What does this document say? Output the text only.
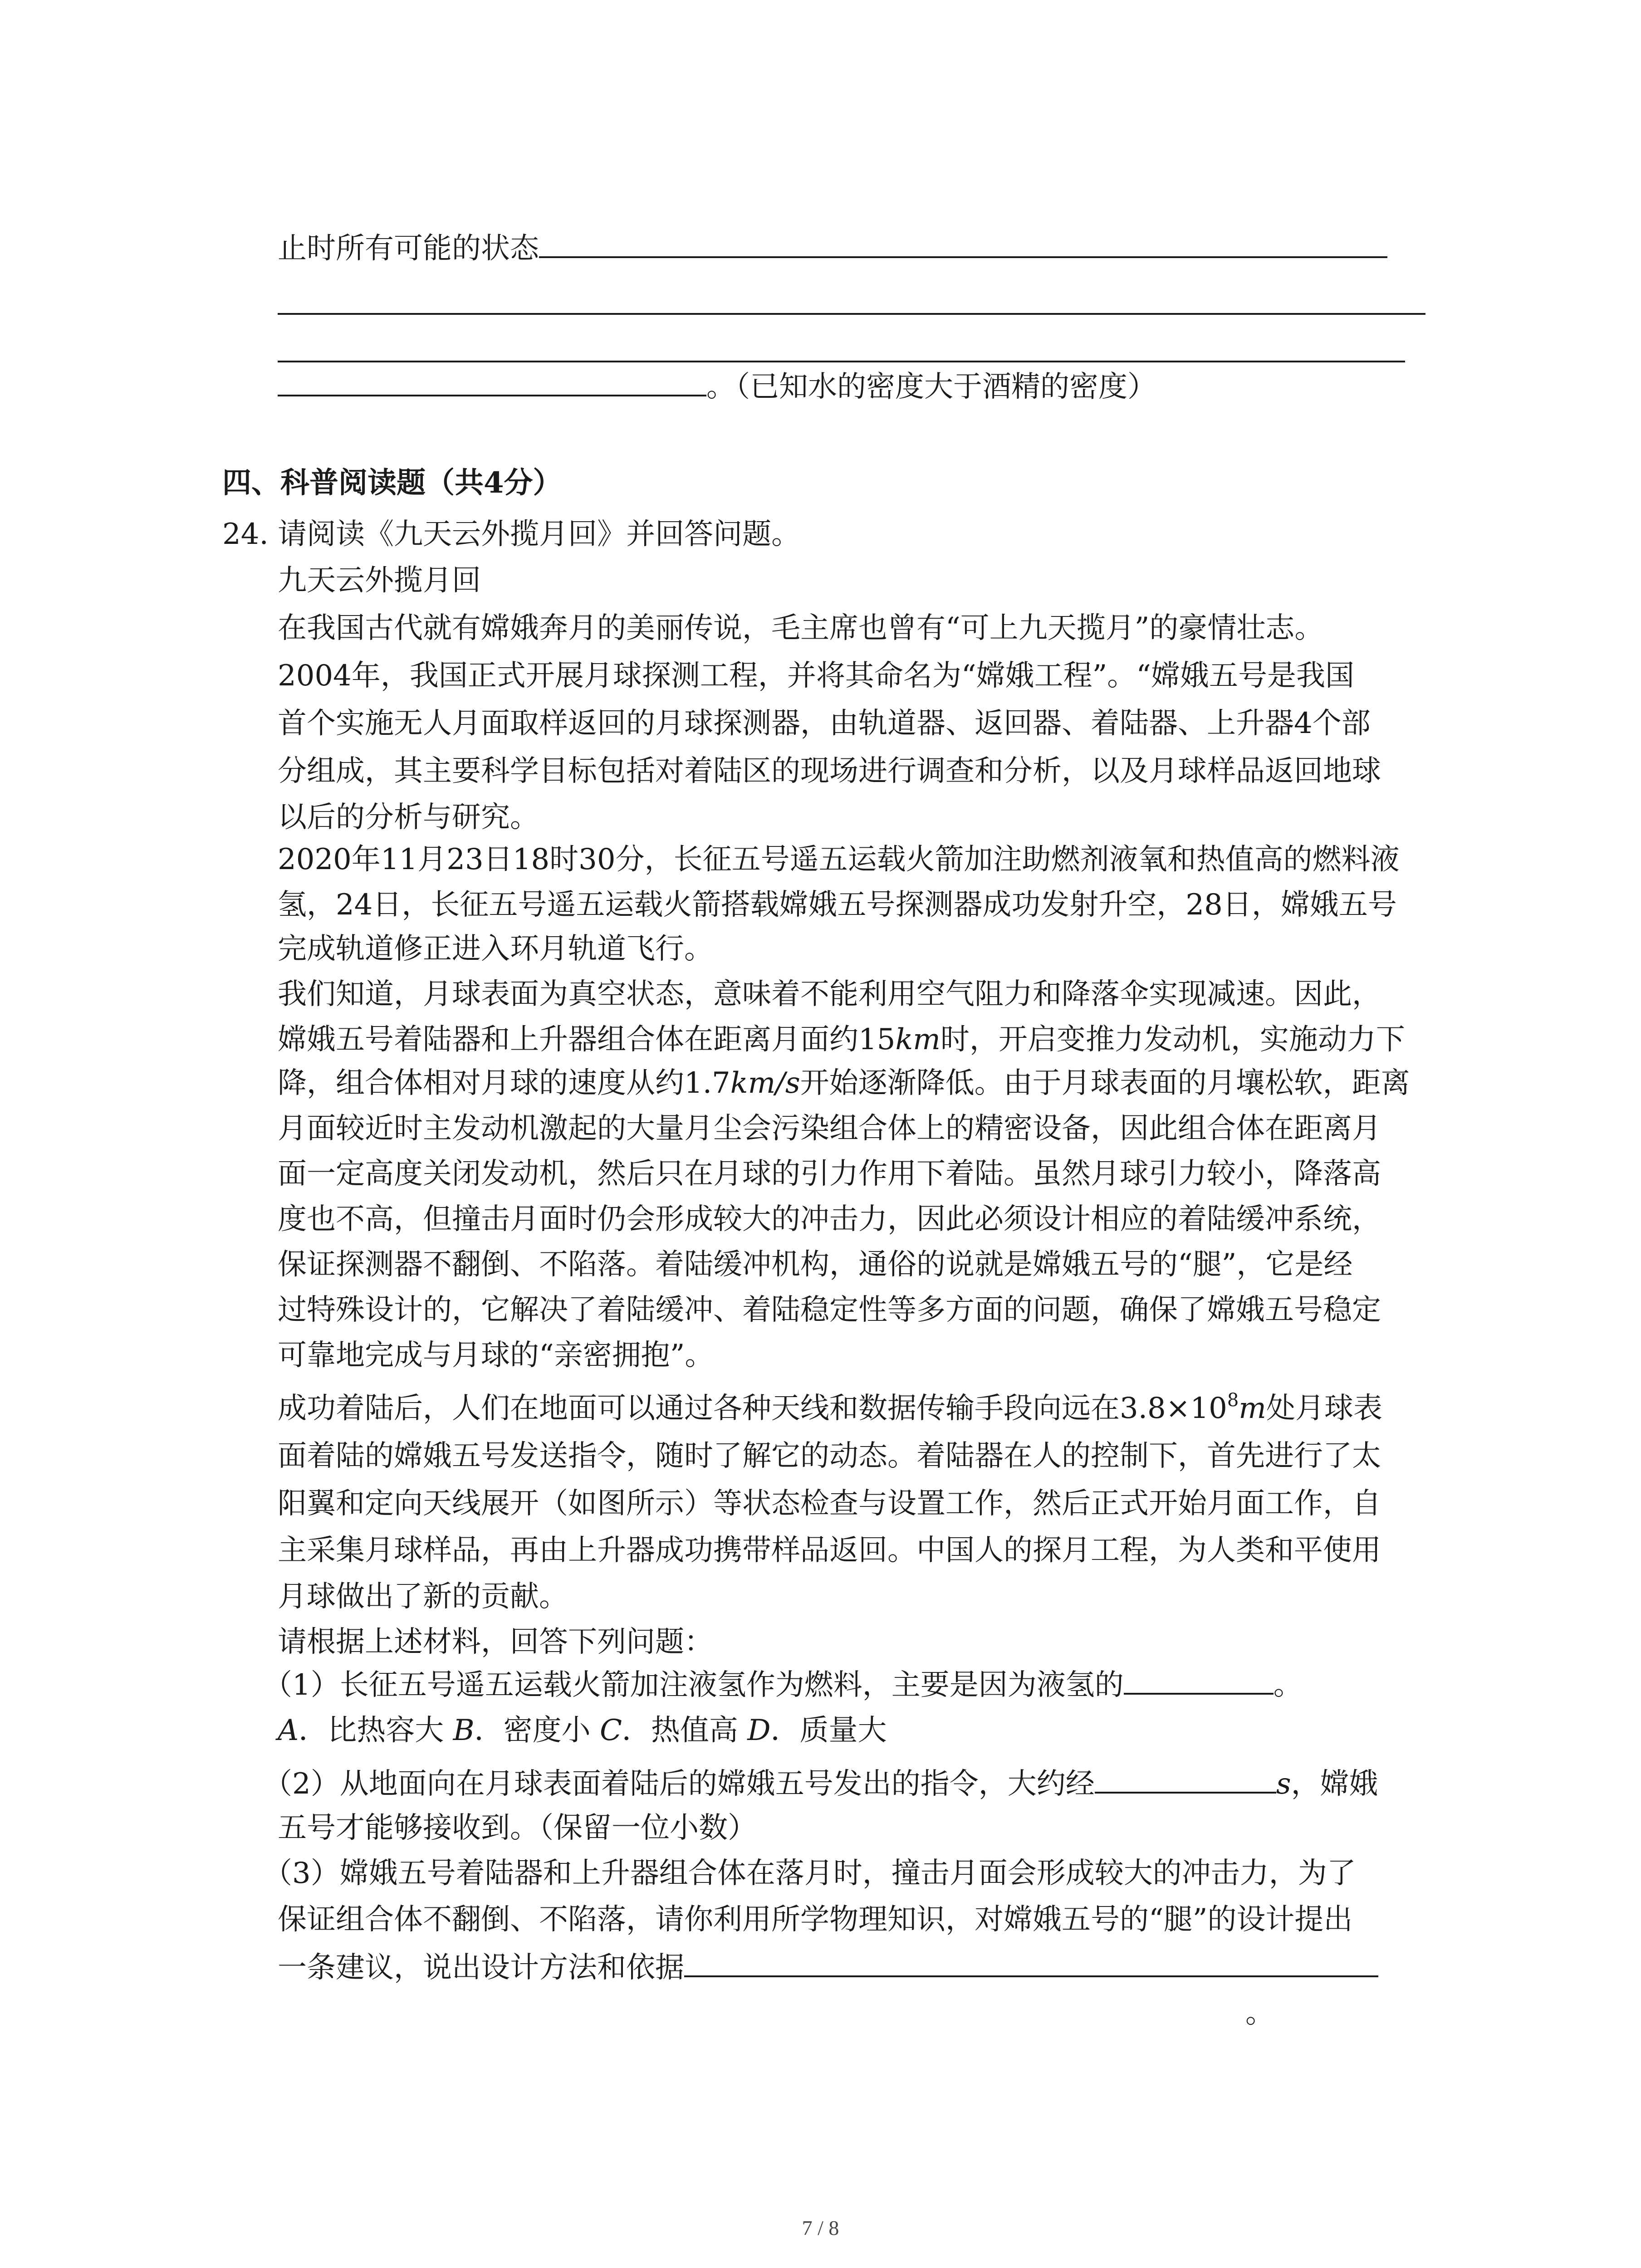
止时所有可能的状态
。（已知水的密度大于酒精的密度）
四、科普阅读题（共4分）
24. 请阅读《九天云外揽月回》并回答问题。
九天云外揽月回
在我国古代就有嫦娥奔月的美丽传说，毛主席也曾有“可上九天揽月”的豪情壮志。
2004年，我国正式开展月球探测工程，并将其命名为“嫦娥工程”。“嫦娥五号是我国
首个实施无人月面取样返回的月球探测器，由轨道器、返回器、着陆器、上升器4个部
分组成，其主要科学目标包括对着陆区的现场进行调查和分析，以及月球样品返回地球
以后的分析与研究。
2020年11月23日18时30分，长征五号遥五运载火箭加注助燃剂液氧和热值高的燃料液
氢，24日，长征五号遥五运载火箭搭载嫦娥五号探测器成功发射升空，28日，嫦娥五号
完成轨道修正进入环月轨道飞行。
我们知道，月球表面为真空状态，意味着不能利用空气阻力和降落伞实现减速。因此，
嫦娥五号着陆器和上升器组合体在距离月面约15km时，开启变推力发动机，实施动力下
降，组合体相对月球的速度从约1.7km/s开始逐渐降低。由于月球表面的月壤松软，距离
月面较近时主发动机激起的大量月尘会污染组合体上的精密设备，因此组合体在距离月
面一定高度关闭发动机，然后只在月球的引力作用下着陆。虽然月球引力较小，降落高
度也不高，但撞击月面时仍会形成较大的冲击力，因此必须设计相应的着陆缓冲系统，
保证探测器不翻倒、不陷落。着陆缓冲机构，通俗的说就是嫦娥五号的“腿”，它是经
过特殊设计的，它解决了着陆缓冲、着陆稳定性等多方面的问题，确保了嫦娥五号稳定
可靠地完成与月球的“亲密拥抱”。
成功着陆后，人们在地面可以通过各种天线和数据传输手段向远在$3.8\times 10^8m$处月球表
面着陆的嫦娥五号发送指令，随时了解它的动态。着陆器在人的控制下，首先进行了太
阳翼和定向天线展开（如图所示）等状态检查与设置工作，然后正式开始月面工作，自
主采集月球样品，再由上升器成功携带样品返回。中国人的探月工程，为人类和平使用
月球做出了新的贡献。
请根据上述材料，回答下列问题：
（1）长征五号遥五运载火箭加注液氢作为燃料，主要是因为液氢的	。
A．比热容大 B．密度小 C．热值高 D．质量大
（2）从地面向在月球表面着陆后的嫦娥五号发出的指令，大约经	s，嫦娥
五号才能够接收到。（保留一位小数）
（3）嫦娥五号着陆器和上升器组合体在落月时，撞击月面会形成较大的冲击力，为了
保证组合体不翻倒、不陷落，请你利用所学物理知识，对嫦娥五号的“腿”的设计提出
一条建议，说出设计方法和依据
。
7 / 8
